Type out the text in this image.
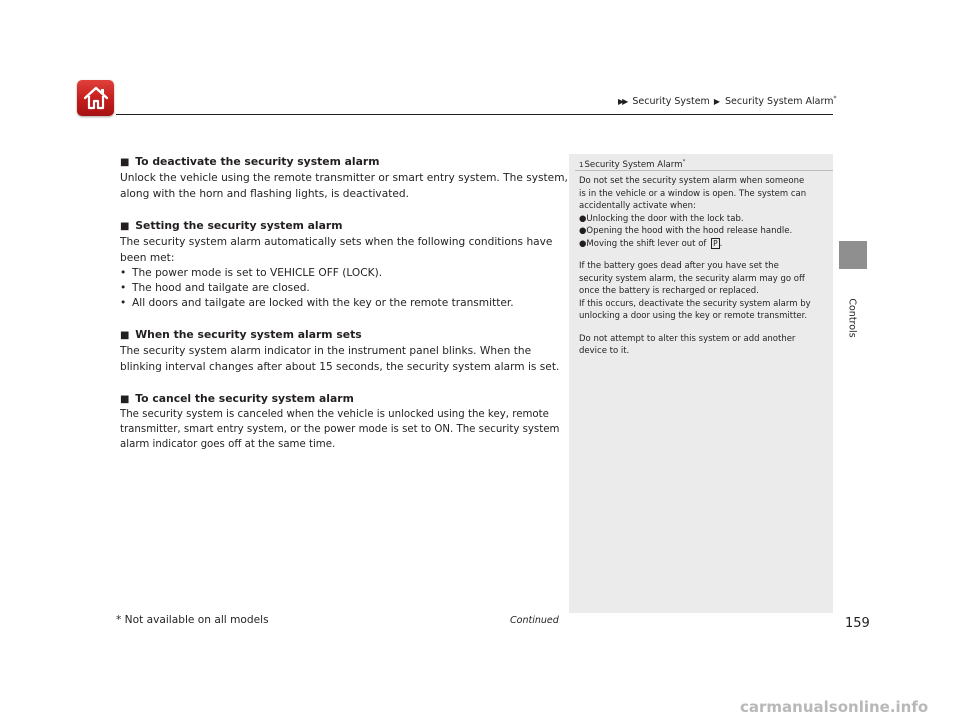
▶▶ Security System ▶ Security System Alarm*
■ To deactivate the security system alarm
Unlock the vehicle using the remote transmitter or smart entry system. The system,
along with the horn and flashing lights, is deactivated.
■ Setting the security system alarm
The security system alarm automatically sets when the following conditions have
been met:
• The power mode is set to VEHICLE OFF (LOCK).
• The hood and tailgate are closed.
• All doors and tailgate are locked with the key or the remote transmitter.
■ When the security system alarm sets
The security system alarm indicator in the instrument panel blinks. When the
blinking interval changes after about 15 seconds, the security system alarm is set.
■ To cancel the security system alarm
The security system is canceled when the vehicle is unlocked using the key, remote
transmitter, smart entry system, or the power mode is set to ON. The security system
alarm indicator goes off at the same time.
1Security System Alarm*
Do not set the security system alarm when someone
is in the vehicle or a window is open. The system can
accidentally activate when:
●Unlocking the door with the lock tab.
●Opening the hood with the hood release handle.
●Moving the shift lever out of P .
If the battery goes dead after you have set the
security system alarm, the security alarm may go off
once the battery is recharged or replaced.
If this occurs, deactivate the security system alarm by
unlocking a door using the key or remote transmitter.
Do not attempt to alter this system or add another
device to it.
Controls
* Not available on all models	Continued	159
carmanualsonline.info
